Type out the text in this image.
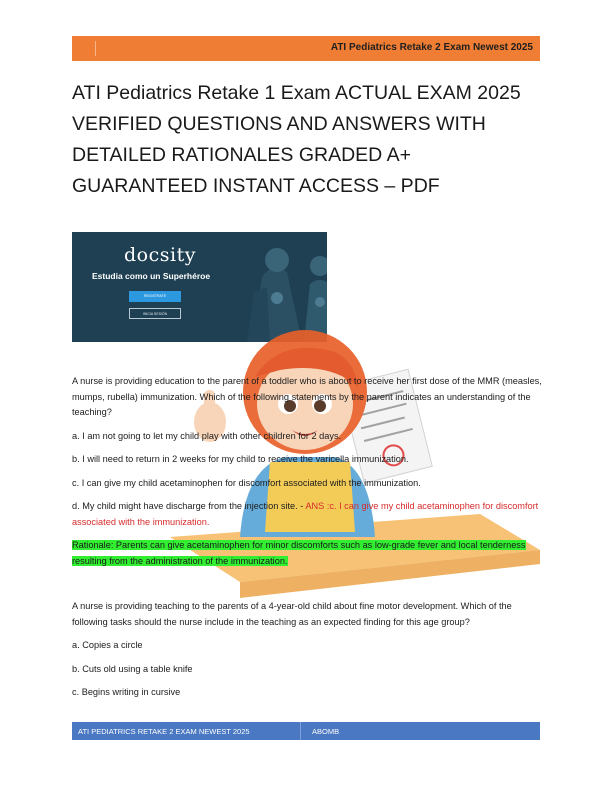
ATI Pediatrics Retake 2 Exam Newest 2025
ATI Pediatrics Retake 1 Exam ACTUAL EXAM 2025 VERIFIED QUESTIONS AND ANSWERS WITH DETAILED RATIONALES GRADED A+ GUARANTEED INSTANT ACCESS – PDF
docsity
Estudia como un Superhéroe
REGISTRATE
INICIA SESIÓN

A nurse is providing education to the parent of a toddler who is about to receive her first dose of the MMR (measles, mumps, rubella) immunization. Which of the following statements by the parent indicates an understanding of the teaching?

a. I am not going to let my child play with other children for 2 days.

b. I will need to return in 2 weeks for my child to receive the varicella immunization.

c. I can give my child acetaminophen for discomfort associated with the immunization.

d. My child might have discharge from the injection site. - ANS :c. I can give my child acetaminophen for discomfort associated with the immunization.

Rationale: Parents can give acetaminophen for minor discomforts such as low-grade fever and local tenderness resulting from the administration of the immunization.

A nurse is providing teaching to the parents of a 4-year-old child about fine motor development. Which of the following tasks should the nurse include in the teaching as an expected finding for this age group?

a. Copies a circle

b. Cuts old using a table knife

c. Begins writing in cursive

ATI PEDIATRICS RETAKE 2 EXAM NEWEST 2025	ABOMB
